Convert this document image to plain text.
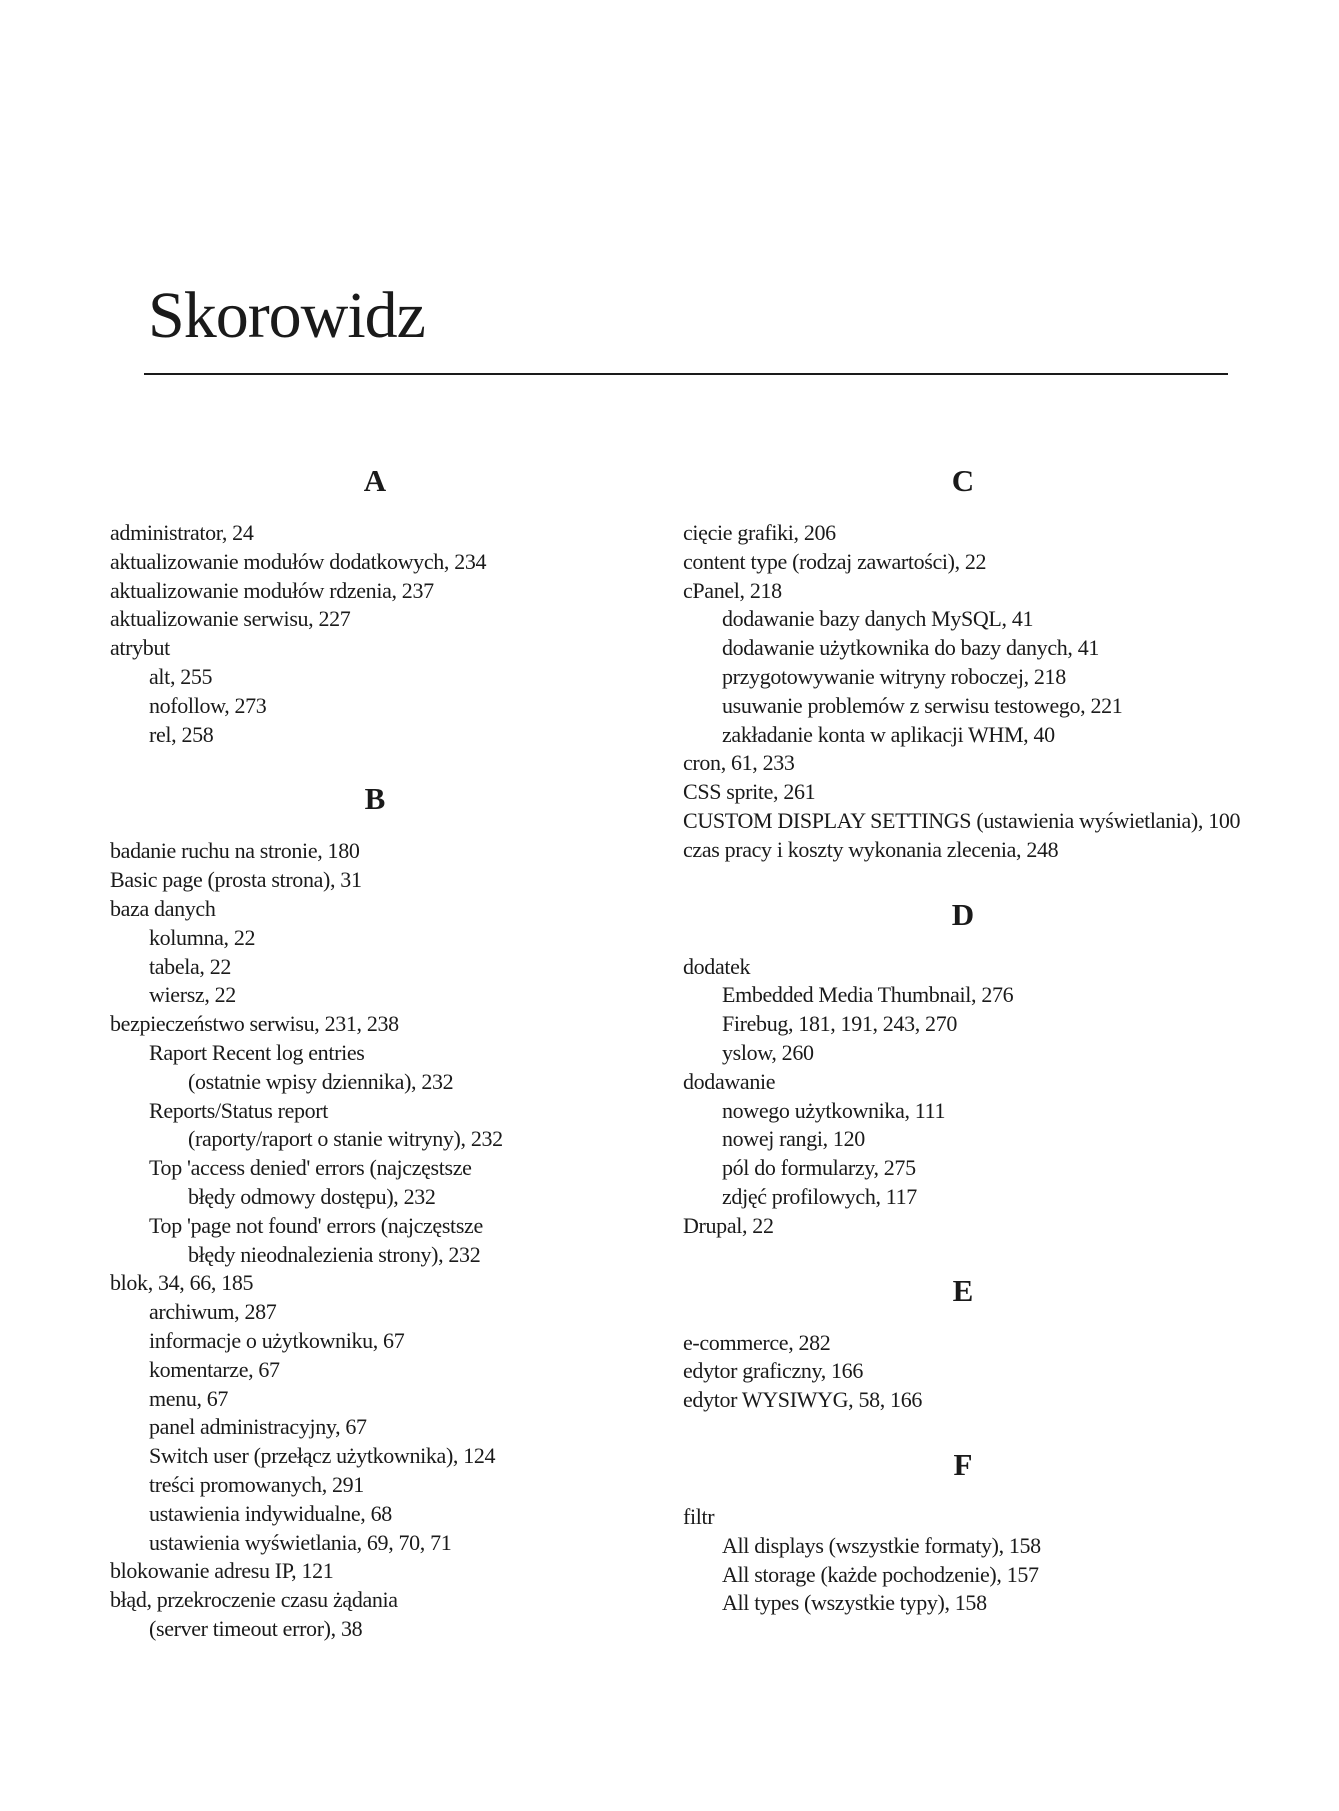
Skorowidz
A
administrator, 24
aktualizowanie modułów dodatkowych, 234
aktualizowanie modułów rdzenia, 237
aktualizowanie serwisu, 227
atrybut
alt, 255
nofollow, 273
rel, 258
B
badanie ruchu na stronie, 180
Basic page (prosta strona), 31
baza danych
kolumna, 22
tabela, 22
wiersz, 22
bezpieczeństwo serwisu, 231, 238
Raport Recent log entries
(ostatnie wpisy dziennika), 232
Reports/Status report
(raporty/raport o stanie witryny), 232
Top 'access denied' errors (najczęstsze
błędy odmowy dostępu), 232
Top 'page not found' errors (najczęstsze
błędy nieodnalezienia strony), 232
blok, 34, 66, 185
archiwum, 287
informacje o użytkowniku, 67
komentarze, 67
menu, 67
panel administracyjny, 67
Switch user (przełącz użytkownika), 124
treści promowanych, 291
ustawienia indywidualne, 68
ustawienia wyświetlania, 69, 70, 71
blokowanie adresu IP, 121
błąd, przekroczenie czasu żądania
(server timeout error), 38
C
cięcie grafiki, 206
content type (rodzaj zawartości), 22
cPanel, 218
dodawanie bazy danych MySQL, 41
dodawanie użytkownika do bazy danych, 41
przygotowywanie witryny roboczej, 218
usuwanie problemów z serwisu testowego, 221
zakładanie konta w aplikacji WHM, 40
cron, 61, 233
CSS sprite, 261
CUSTOM DISPLAY SETTINGS (ustawienia wyświetlania), 100
czas pracy i koszty wykonania zlecenia, 248
D
dodatek
Embedded Media Thumbnail, 276
Firebug, 181, 191, 243, 270
yslow, 260
dodawanie
nowego użytkownika, 111
nowej rangi, 120
pól do formularzy, 275
zdjęć profilowych, 117
Drupal, 22
E
e-commerce, 282
edytor graficzny, 166
edytor WYSIWYG, 58, 166
F
filtr
All displays (wszystkie formaty), 158
All storage (każde pochodzenie), 157
All types (wszystkie typy), 158
